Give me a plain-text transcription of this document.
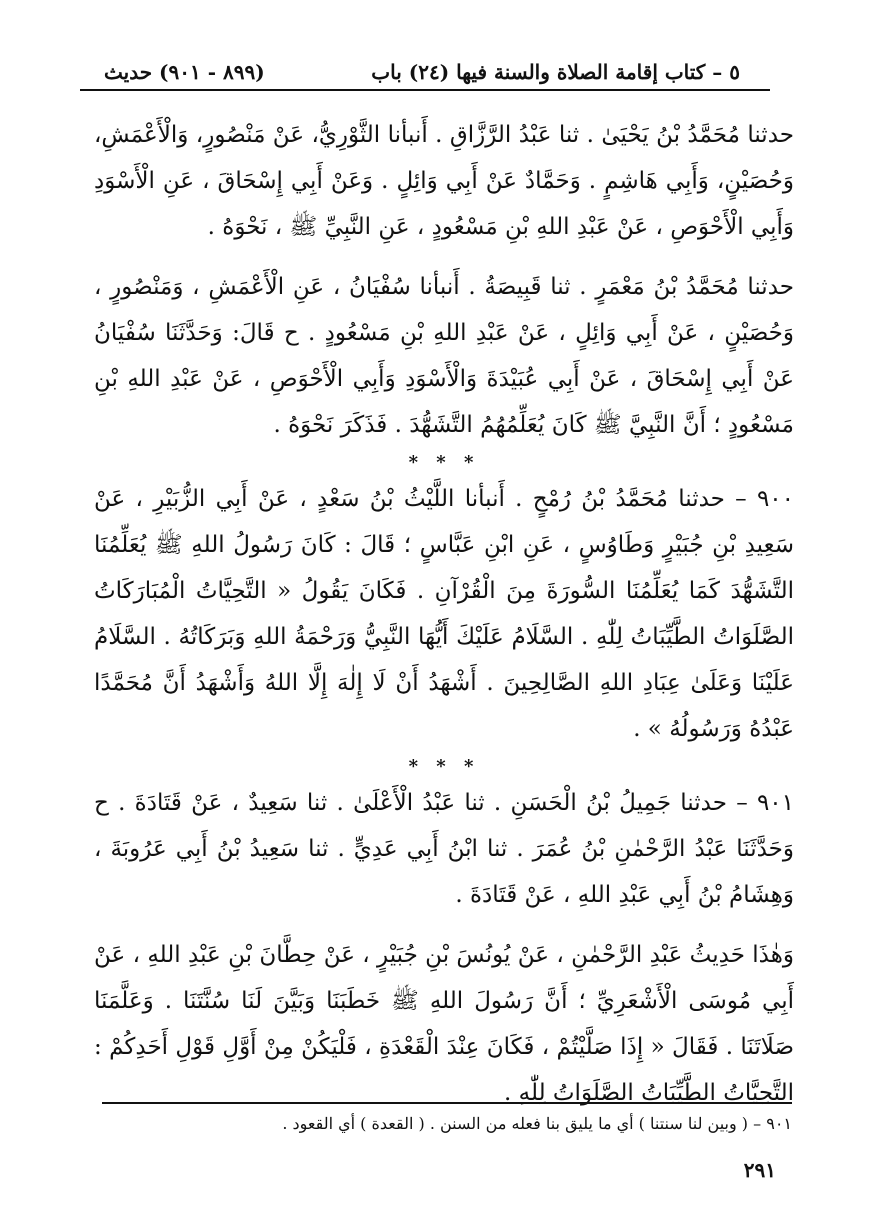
٥ – كتاب إقامة الصلاة والسنة فيها (٢٤) باب
(٨٩٩ - ٩٠١) حديث

حدثنا مُحَمَّدُ بْنُ يَحْيَىٰ . ثنا عَبْدُ الرَّزَّاقِ . أَنبأنا الثَّوْرِيُّ، عَنْ مَنْصُورٍ، وَالْأَعْمَشِ، وَحُصَيْنٍ، وَأَبِي هَاشِمٍ . وَحَمَّادٌ عَنْ أَبِي وَائِلٍ . وَعَنْ أَبِي إِسْحَاقَ ، عَنِ الْأَسْوَدِ وَأَبِي الْأَحْوَصِ ، عَنْ عَبْدِ اللهِ بْنِ مَسْعُودٍ ، عَنِ النَّبِيِّ ﷺ ، نَحْوَهُ .

حدثنا مُحَمَّدُ بْنُ مَعْمَرٍ . ثنا قَبِيصَةُ . أَنبأنا سُفْيَانُ ، عَنِ الْأَعْمَشِ ، وَمَنْصُورٍ ، وَحُصَيْنٍ ، عَنْ أَبِي وَائِلٍ ، عَنْ عَبْدِ اللهِ بْنِ مَسْعُودٍ . ح قَالَ: وَحَدَّثَنَا سُفْيَانُ عَنْ أَبِي إِسْحَاقَ ، عَنْ أَبِي عُبَيْدَةَ وَالْأَسْوَدِ وَأَبِي الْأَحْوَصِ ، عَنْ عَبْدِ اللهِ بْنِ مَسْعُودٍ ؛ أَنَّ النَّبِيَّ ﷺ كَانَ يُعَلِّمُهُمُ التَّشَهُّدَ . فَذَكَرَ نَحْوَهُ .

* * *

٩٠٠ – حدثنا مُحَمَّدُ بْنُ رُمْحٍ . أَنبأنا اللَّيْثُ بْنُ سَعْدٍ ، عَنْ أَبِي الزُّبَيْرِ ، عَنْ سَعِيدِ بْنِ جُبَيْرٍ وَطَاوُسٍ ، عَنِ ابْنِ عَبَّاسٍ ؛ قَالَ : كَانَ رَسُولُ اللهِ ﷺ يُعَلِّمُنَا التَّشَهُّدَ كَمَا يُعَلِّمُنَا السُّورَةَ مِنَ الْقُرْآنِ . فَكَانَ يَقُولُ « التَّحِيَّاتُ الْمُبَارَكَاتُ الصَّلَوَاتُ الطَّيِّبَاتُ لِلّٰهِ . السَّلَامُ عَلَيْكَ أَيُّهَا النَّبِيُّ وَرَحْمَةُ اللهِ وَبَرَكَاتُهُ . السَّلَامُ عَلَيْنَا وَعَلَىٰ عِبَادِ اللهِ الصَّالِحِينَ . أَشْهَدُ أَنْ لَا إِلٰهَ إِلَّا اللهُ وَأَشْهَدُ أَنَّ مُحَمَّدًا عَبْدُهُ وَرَسُولُهُ » .

* * *

٩٠١ – حدثنا جَمِيلُ بْنُ الْحَسَنِ . ثنا عَبْدُ الْأَعْلَىٰ . ثنا سَعِيدٌ ، عَنْ قَتَادَةَ . ح وَحَدَّثَنَا عَبْدُ الرَّحْمٰنِ بْنُ عُمَرَ . ثنا ابْنُ أَبِي عَدِيٍّ . ثنا سَعِيدُ بْنُ أَبِي عَرُوبَةَ ، وَهِشَامُ بْنُ أَبِي عَبْدِ اللهِ ، عَنْ قَتَادَةَ .

وَهٰذَا حَدِيثُ عَبْدِ الرَّحْمٰنِ ، عَنْ يُونُسَ بْنِ جُبَيْرٍ ، عَنْ حِطَّانَ بْنِ عَبْدِ اللهِ ، عَنْ أَبِي مُوسَى الْأَشْعَرِيِّ ؛ أَنَّ رَسُولَ اللهِ ﷺ خَطَبَنَا وَبَيَّنَ لَنَا سُنَّتَنَا . وَعَلَّمَنَا صَلَاتَنَا . فَقَالَ « إِذَا صَلَّيْتُمْ ، فَكَانَ عِنْدَ الْقَعْدَةِ ، فَلْيَكُنْ مِنْ أَوَّلِ قَوْلِ أَحَدِكُمْ : التَّحِيَّاتُ الطَّيِّبَاتُ الصَّلَوَاتُ لِلّٰهِ .

٩٠١ – ( وبين لنا سنتنا ) أي ما يليق بنا فعله من السنن . ( القعدة ) أي القعود .
٢٩١
